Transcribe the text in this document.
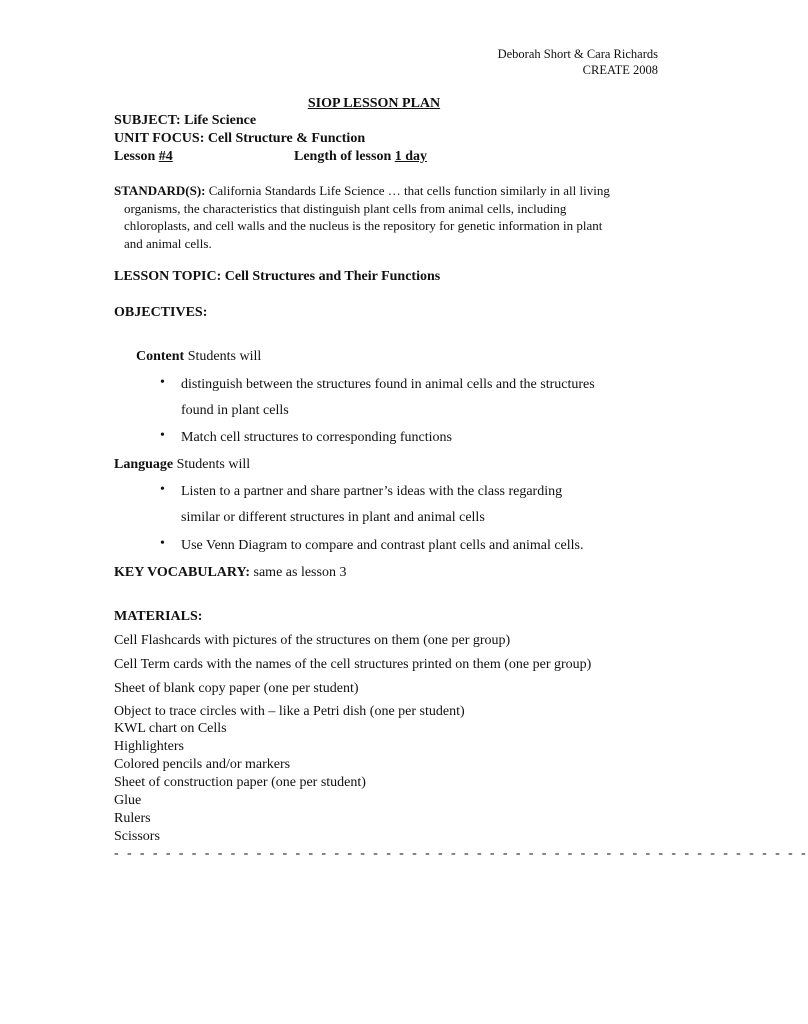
Deborah Short & Cara Richards
CREATE 2008
SIOP LESSON PLAN
SUBJECT: Life Science
UNIT FOCUS: Cell Structure & Function
Lesson #4	Length of lesson 1 day
STANDARD(S): California Standards Life Science … that cells function similarly in all living
organisms, the characteristics that distinguish plant cells from animal cells, including
chloroplasts, and cell walls and the nucleus is the repository for genetic information in plant
and animal cells.
LESSON TOPIC: Cell Structures and Their Functions
OBJECTIVES:
Content Students will
• distinguish between the structures found in animal cells and the structures
found in plant cells
• Match cell structures to corresponding functions
Language Students will
• Listen to a partner and share partner’s ideas with the class regarding
similar or different structures in plant and animal cells
• Use Venn Diagram to compare and contrast plant cells and animal cells.
KEY VOCABULARY: same as lesson 3
MATERIALS:
Cell Flashcards with pictures of the structures on them (one per group)
Cell Term cards with the names of the cell structures printed on them (one per group)
Sheet of blank copy paper (one per student)
Object to trace circles with – like a Petri dish (one per student)
KWL chart on Cells
Highlighters
Colored pencils and/or markers
Sheet of construction paper (one per student)
Glue
Rulers
Scissors
- - - - - - - - - - - - - - - - - - - - - - - - - - - - - - - - - - - - - - - - - - - - - - - - - - - - - -
